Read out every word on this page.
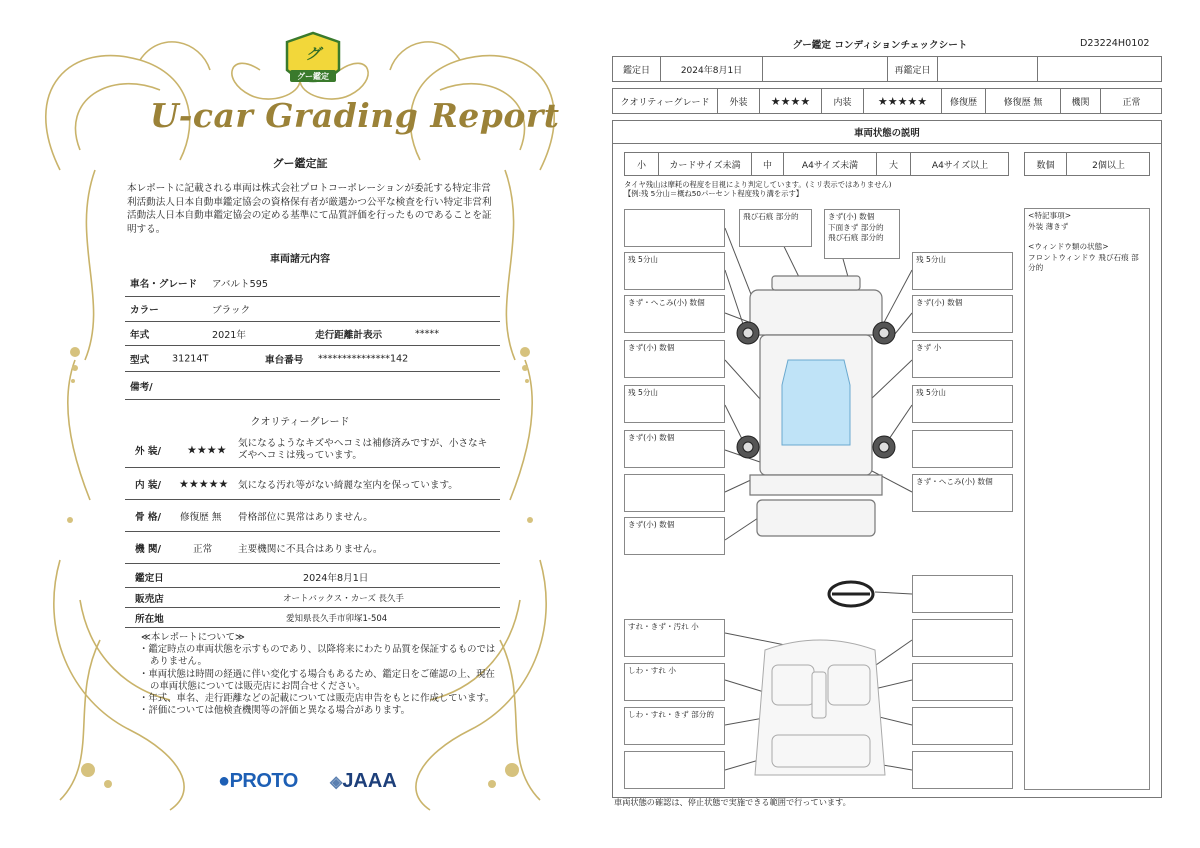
グ
グー鑑定
U-car Grading Report
グー鑑定証
本レポートに記載される車両は株式会社プロトコーポレーションが委託する特定非営利活動法人日本自動車鑑定協会の資格保有者が厳選かつ公平な検査を行い特定非営利活動法人日本自動車鑑定協会の定める基準にて品質評価を行ったものであることを証明する。
車両諸元内容
車名・グレード アバルト595
カラー	ブラック
年式	2021年	走行距離計表示	*****
型式 31214T	車台番号 ***************142
備考/
クオリティーグレード
外 装/ ★★★★ 気になるようなキズやヘコミは補修済みですが、小さなキズやヘコミは残っています。
内 装/ ★★★★★ 気になる汚れ等がない綺麗な室内を保っています。
骨 格/ 修復歴 無 骨格部位に異常はありません。
機 関/	正常	主要機関に不具合はありません。
鑑定日	2024年8月1日
販売店	オートバックス・カーズ 長久手
所在地	愛知県長久手市卯塚1-504
≪本レポートについて≫
・鑑定時点の車両状態を示すものであり、以降将来にわたり品質を保証するものではありません。
・車両状態は時間の経過に伴い変化する場合もあるため、鑑定日をご確認の上、現在の車両状態については販売店にお問合せください。
・年式、車名、走行距離などの記載については販売店申告をもとに作成しています。
・評価については他検査機関等の評価と異なる場合があります。
●PROTO ◈JAAA
グー鑑定 コンディションチェックシート	D23224H0102
鑑定日	2024年8月1日	再鑑定日
クオリティーグレード	外装	★★★★	内装	★★★★★	修復歴	修復歴 無	機関	正常
車両状態の説明
小	カードサイズ未満	中	A4サイズ未満	大	A4サイズ以上	数個	2個以上
タイヤ残山は摩耗の程度を目視により判定しています。(ミリ表示ではありません)
【例:残 5分山＝概ね50パーセント程度残り溝を示す】
飛び石痕 部分的	きず(小) 数個
下面きず 部分的
飛び石痕 部分的
残 5分山
きず・へこみ(小) 数個
きず(小) 数個
残 5分山
きず(小) 数個
きず(小) 数個
残 5分山
きず(小) 数個
きず 小
残 5分山
きず・へこみ(小) 数個
すれ・きず・汚れ 小
しわ・すれ 小
しわ・すれ・きず 部分的
<特記事項>
外装 薄きず
<ウィンドウ類の状態>
フロントウィンドウ 飛び石痕 部分的
車両状態の確認は、停止状態で実施できる範囲で行っています。
